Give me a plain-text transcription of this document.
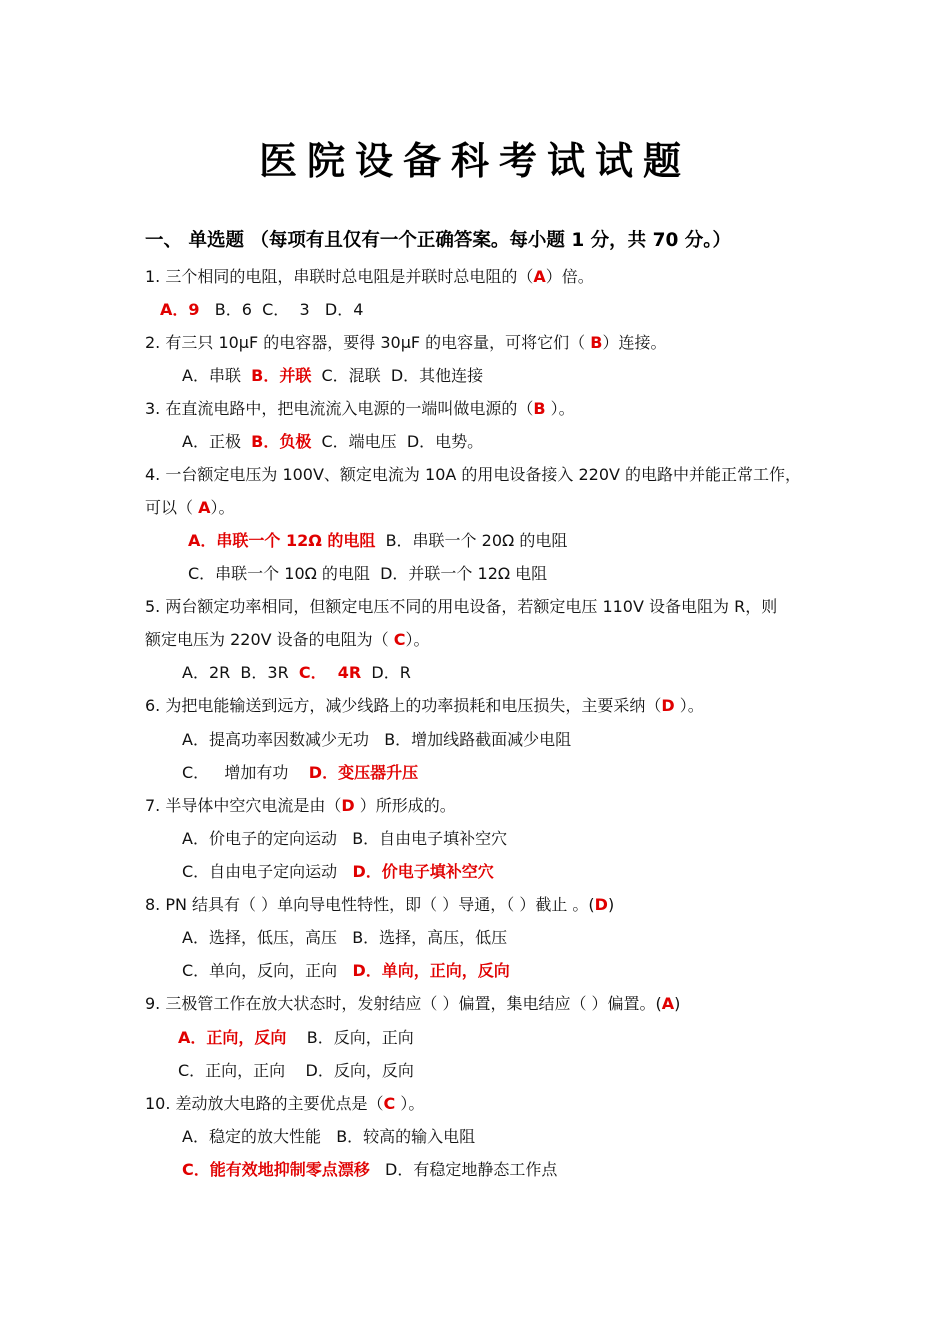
医院设备科考试试题
一、 单选题 （每项有且仅有一个正确答案。每小题 1 分，共 70 分。）
1. 三个相同的电阻，串联时总电阻是并联时总电阻的（A）倍。
A．9   B．6  C．  3   D．4
2. 有三只 10μF 的电容器，要得 30μF 的电容量，可将它们（ B）连接。
A．串联  B．并联  C．混联  D．其他连接
3. 在直流电路中，把电流流入电源的一端叫做电源的（B ）。
A．正极  B．负极  C．端电压  D．电势。
4. 一台额定电压为 100V、额定电流为 10A 的用电设备接入 220V 的电路中并能正常工作，
可以（ A）。
A．串联一个 12Ω 的电阻  B．串联一个 20Ω 的电阻
C．串联一个 10Ω 的电阻  D．并联一个 12Ω 电阻
5. 两台额定功率相同，但额定电压不同的用电设备，若额定电压 110V 设备电阻为 R，则
额定电压为 220V 设备的电阻为（ C）。
A．2R  B．3R  C．  4R  D．R
6. 为把电能输送到远方，减少线路上的功率损耗和电压损失，主要采纳（D ）。
A．提高功率因数减少无功   B．增加线路截面减少电阻
C．   增加有功    D．变压器升压
7. 半导体中空穴电流是由（D ）所形成的。
A．价电子的定向运动   B．自由电子填补空穴
C．自由电子定向运动   D．价电子填补空穴
8. PN 结具有（ ）单向导电性特性，即（ ）导通，（ ）截止 。(D)
A．选择，低压，高压   B．选择，高压，低压
C．单向，反向，正向   D．单向，正向，反向
9. 三极管工作在放大状态时，发射结应（ ）偏置，集电结应（ ）偏置。(A)
A．正向，反向    B．反向，正向
C．正向，正向    D．反向，反向
10. 差动放大电路的主要优点是（C ）。
A．稳定的放大性能   B．较高的输入电阻
C．能有效地抑制零点漂移   D．有稳定地静态工作点
